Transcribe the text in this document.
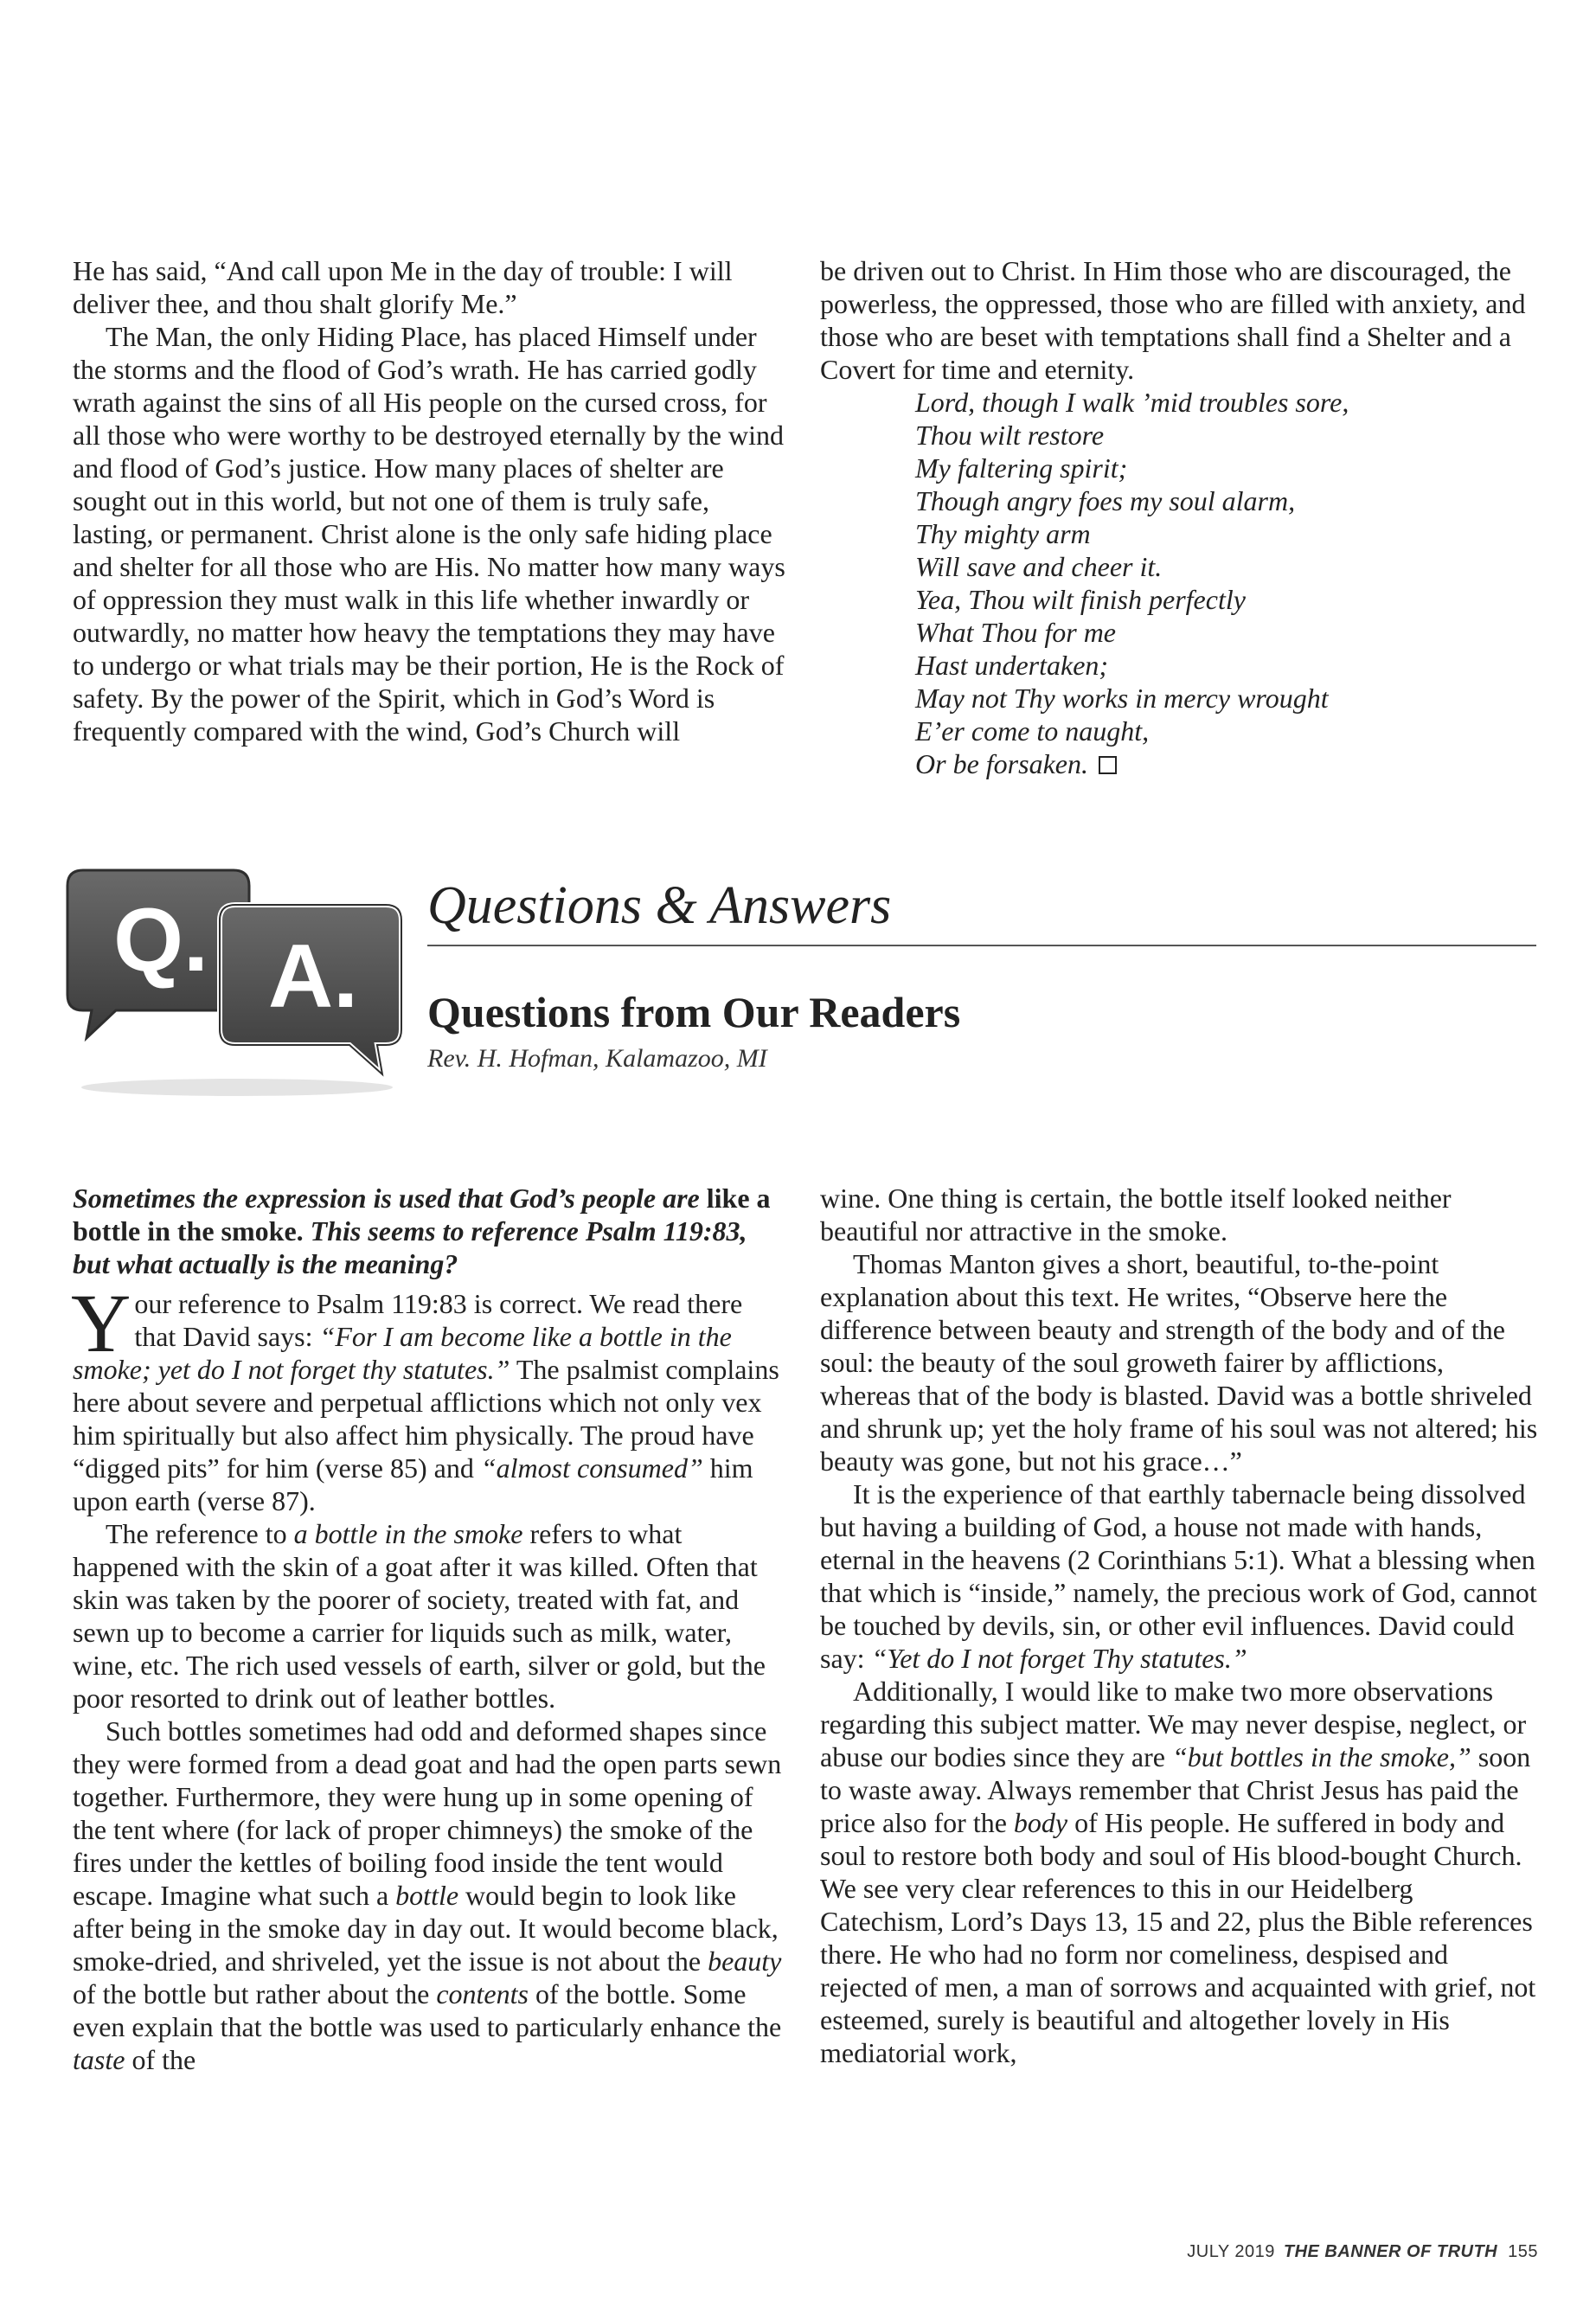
He has said, “And call upon Me in the day of trouble: I will deliver thee, and thou shalt glorify Me.”

The Man, the only Hiding Place, has placed Himself under the storms and the flood of God’s wrath. He has carried godly wrath against the sins of all His people on the cursed cross, for all those who were worthy to be destroyed eternally by the wind and flood of God’s justice. How many places of shelter are sought out in this world, but not one of them is truly safe, lasting, or permanent. Christ alone is the only safe hiding place and shelter for all those who are His. No matter how many ways of oppression they must walk in this life whether inwardly or outwardly, no matter how heavy the temptations they may have to undergo or what trials may be their portion, He is the Rock of safety. By the power of the Spirit, which in God’s Word is frequently compared with the wind, God’s Church will

be driven out to Christ. In Him those who are discouraged, the powerless, the oppressed, those who are filled with anxiety, and those who are beset with temptations shall find a Shelter and a Covert for time and eternity.

Lord, though I walk ’mid troubles sore,
Thou wilt restore
My faltering spirit;
Though angry foes my soul alarm,
Thy mighty arm
Will save and cheer it.
Yea, Thou wilt finish perfectly
What Thou for me
Hast undertaken;
May not Thy works in mercy wrought
E’er come to naught,
Or be forsaken.
Q. A.
Questions & Answers
Questions from Our Readers
Rev. H. Hofman, Kalamazoo, MI

Sometimes the expression is used that God’s people are like a bottle in the smoke. This seems to reference Psalm 119:83, but what actually is the meaning?

Your reference to Psalm 119:83 is correct. We read there that David says: “For I am become like a bottle in the smoke; yet do I not forget thy statutes.” The psalmist complains here about severe and perpetual afflictions which not only vex him spiritually but also affect him physically. The proud have “digged pits” for him (verse 85) and “almost consumed” him upon earth (verse 87).

The reference to a bottle in the smoke refers to what happened with the skin of a goat after it was killed. Often that skin was taken by the poorer of society, treated with fat, and sewn up to become a carrier for liquids such as milk, water, wine, etc. The rich used vessels of earth, silver or gold, but the poor resorted to drink out of leather bottles.

Such bottles sometimes had odd and deformed shapes since they were formed from a dead goat and had the open parts sewn together. Furthermore, they were hung up in some opening of the tent where (for lack of proper chimneys) the smoke of the fires under the kettles of boiling food inside the tent would escape. Imagine what such a bottle would begin to look like after being in the smoke day in day out. It would become black, smoke-dried, and shriveled, yet the issue is not about the beauty of the bottle but rather about the contents of the bottle. Some even explain that the bottle was used to particularly enhance the taste of the

wine. One thing is certain, the bottle itself looked neither beautiful nor attractive in the smoke.

Thomas Manton gives a short, beautiful, to-the-point explanation about this text. He writes, “Observe here the difference between beauty and strength of the body and of the soul: the beauty of the soul groweth fairer by afflictions, whereas that of the body is blasted. David was a bottle shriveled and shrunk up; yet the holy frame of his soul was not altered; his beauty was gone, but not his grace…”

It is the experience of that earthly tabernacle being dissolved but having a building of God, a house not made with hands, eternal in the heavens (2 Corinthians 5:1). What a blessing when that which is “inside,” namely, the precious work of God, cannot be touched by devils, sin, or other evil influences. David could say: “Yet do I not forget Thy statutes.”

Additionally, I would like to make two more observations regarding this subject matter. We may never despise, neglect, or abuse our bodies since they are “but bottles in the smoke,” soon to waste away. Always remember that Christ Jesus has paid the price also for the body of His people. He suffered in body and soul to restore both body and soul of His blood-bought Church. We see very clear references to this in our Heidelberg Catechism, Lord’s Days 13, 15 and 22, plus the Bible references there. He who had no form nor comeliness, despised and rejected of men, a man of sorrows and acquainted with grief, not esteemed, surely is beautiful and altogether lovely in His mediatorial work,

JULY 2019 THE BANNER OF TRUTH 155
